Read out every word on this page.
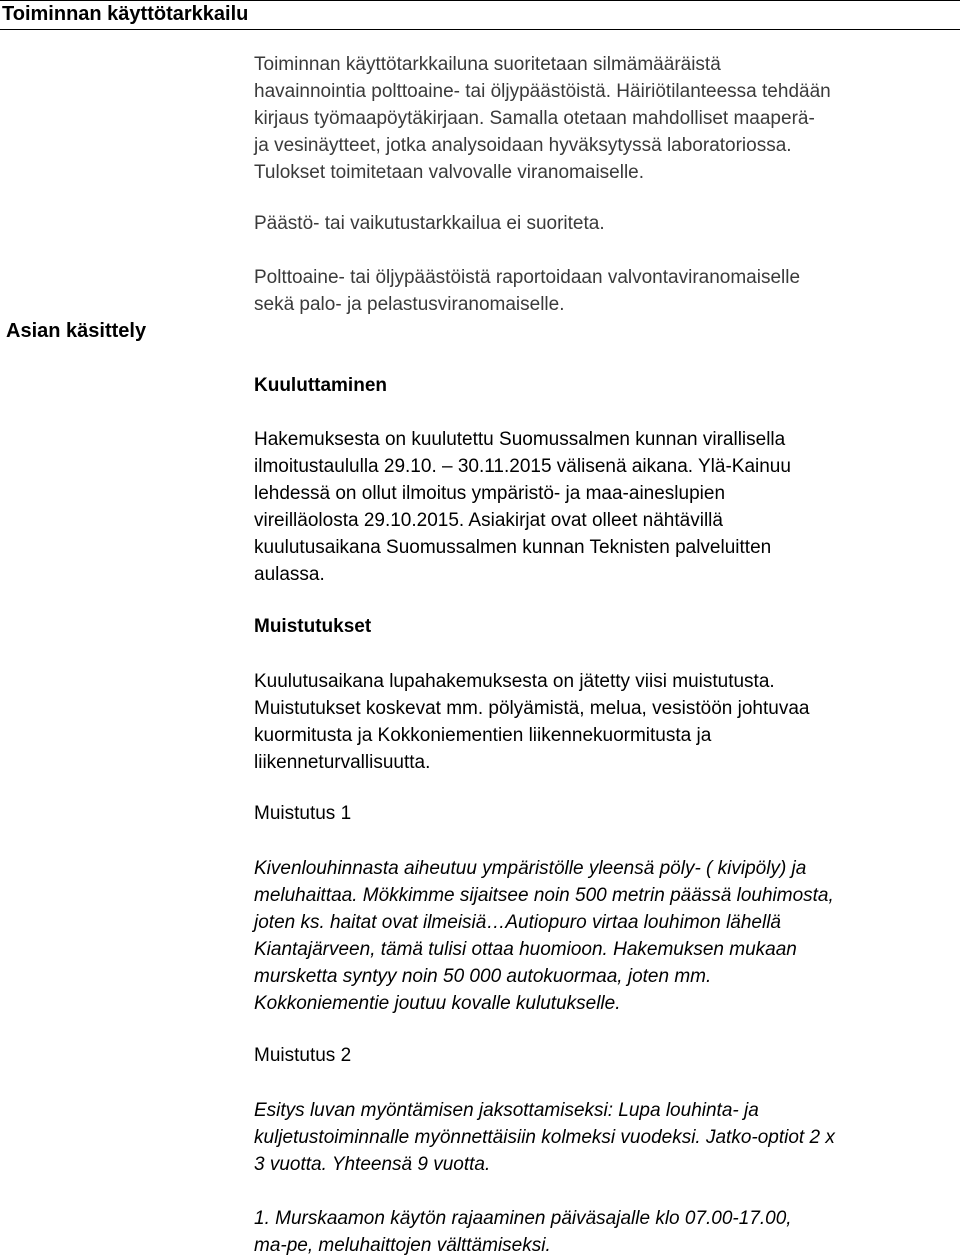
Toiminnan käyttötarkkailu
Asian käsittely
Toiminnan käyttötarkkailuna suoritetaan silmämääräistä
havainnointia polttoaine- tai öljypäästöistä. Häiriötilanteessa tehdään
kirjaus työmaapöytäkirjaan. Samalla otetaan mahdolliset maaperä-
ja vesinäytteet, jotka analysoidaan hyväksytyssä laboratoriossa.
Tulokset toimitetaan valvovalle viranomaiselle.
Päästö- tai vaikutustarkkailua ei suoriteta.
Polttoaine- tai öljypäästöistä raportoidaan valvontaviranomaiselle
sekä palo- ja pelastusviranomaiselle.
Kuuluttaminen
Hakemuksesta on kuulutettu Suomussalmen kunnan virallisella
ilmoitustaululla 29.10. – 30.11.2015 välisenä aikana. Ylä-Kainuu
lehdessä on ollut ilmoitus ympäristö- ja maa-aineslupien
vireilläolosta 29.10.2015. Asiakirjat ovat olleet nähtävillä
kuulutusaikana Suomussalmen kunnan Teknisten palveluitten
aulassa.
Muistutukset
Kuulutusaikana lupahakemuksesta on jätetty viisi muistutusta.
Muistutukset koskevat mm. pölyämistä, melua, vesistöön johtuvaa
kuormitusta ja Kokkoniementien liikennekuormitusta ja
liikenneturvallisuutta.
Muistutus 1
Kivenlouhinnasta aiheutuu ympäristölle yleensä pöly- ( kivipöly) ja
meluhaittaa. Mökkimme sijaitsee noin 500 metrin päässä louhimosta,
joten ks. haitat ovat ilmeisiä…Autiopuro virtaa louhimon lähellä
Kiantajärveen, tämä tulisi ottaa huomioon. Hakemuksen mukaan
mursketta syntyy noin 50 000 autokuormaa, joten mm.
Kokkoniementie joutuu kovalle kulutukselle.
Muistutus 2
Esitys luvan myöntämisen jaksottamiseksi: Lupa louhinta- ja
kuljetustoiminnalle myönnettäisiin kolmeksi vuodeksi. Jatko-optiot 2 x
3 vuotta. Yhteensä 9 vuotta.
1. Murskaamon käytön rajaaminen päiväsajalle klo 07.00-17.00,
ma-pe, meluhaittojen välttämiseksi.
